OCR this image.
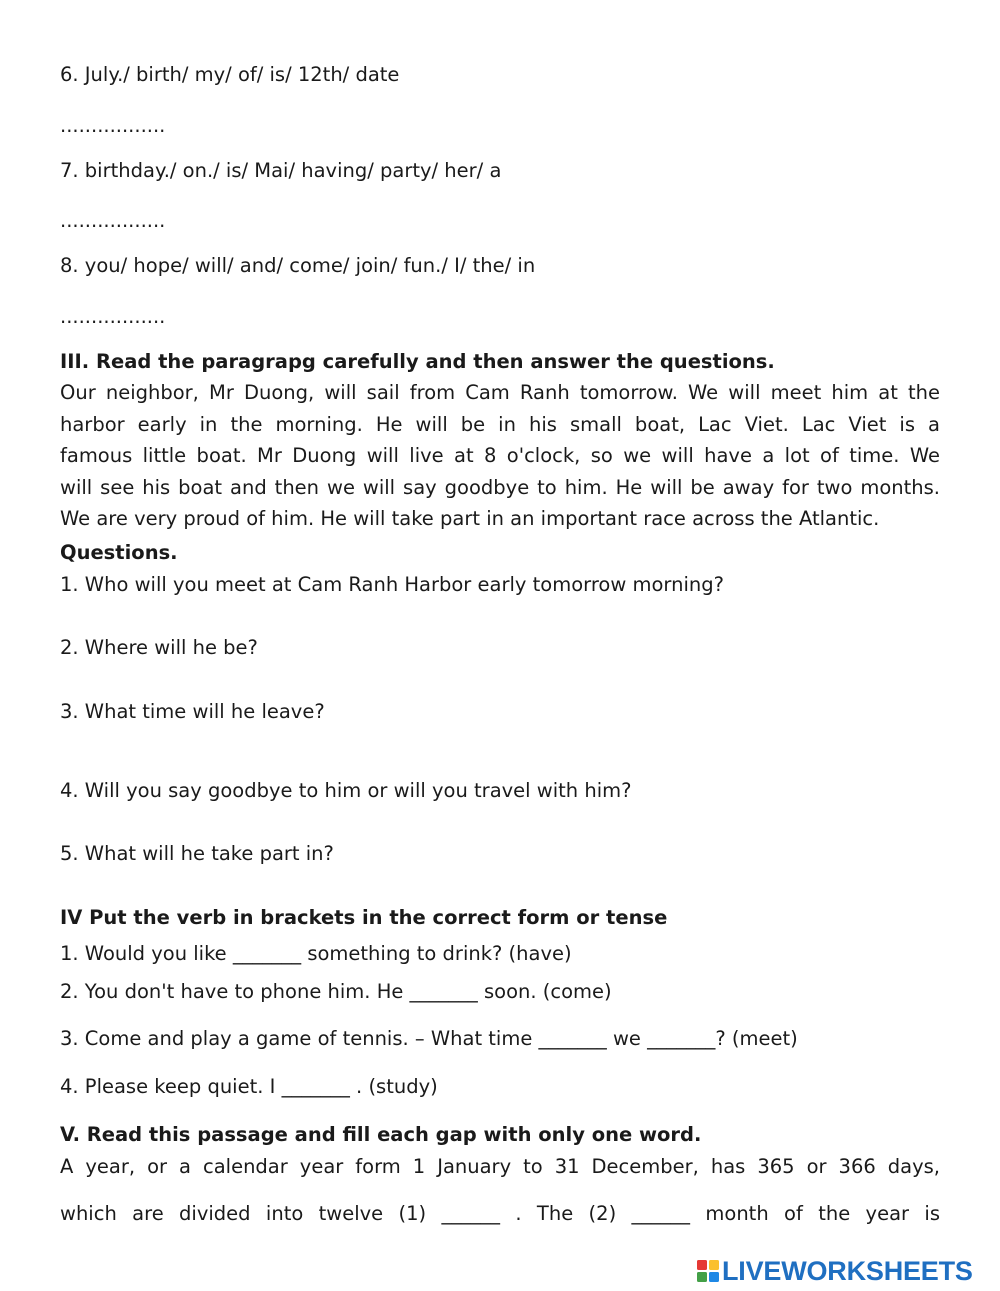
6. July./ birth/ my/ of/ is/ 12th/ date
.................
7. birthday./ on./ is/ Mai/ having/ party/ her/ a
.................
8. you/ hope/ will/ and/ come/ join/ fun./ I/ the/ in
.................
III. Read the paragrapg carefully and then answer the questions.
Our neighbor, Mr Duong, will sail from Cam Ranh tomorrow. We will meet him at the
harbor early in the morning. He will be in his small boat, Lac Viet. Lac Viet is a
famous little boat. Mr Duong will live at 8 o'clock, so we will have a lot of time. We
will see his boat and then we will say goodbye to him. He will be away for two months.
We are very proud of him. He will take part in an important race across the Atlantic.
Questions.
1. Who will you meet at Cam Ranh Harbor early tomorrow morning?
2. Where will he be?
3. What time will he leave?
4. Will you say goodbye to him or will you travel with him?
5. What will he take part in?
IV Put the verb in brackets in the correct form or tense
1. Would you like _______ something to drink? (have)
2. You don't have to phone him. He _______ soon. (come)
3. Come and play a game of tennis. – What time _______ we _______? (meet)
4. Please keep quiet. I _______ . (study)
V. Read this passage and fill each gap with only one word.
A year, or a calendar year form 1 January to 31 December, has 365 or 366 days,
which are divided into twelve (1) ______ . The (2) ______ month of the year is
LIVEWORKSHEETS
